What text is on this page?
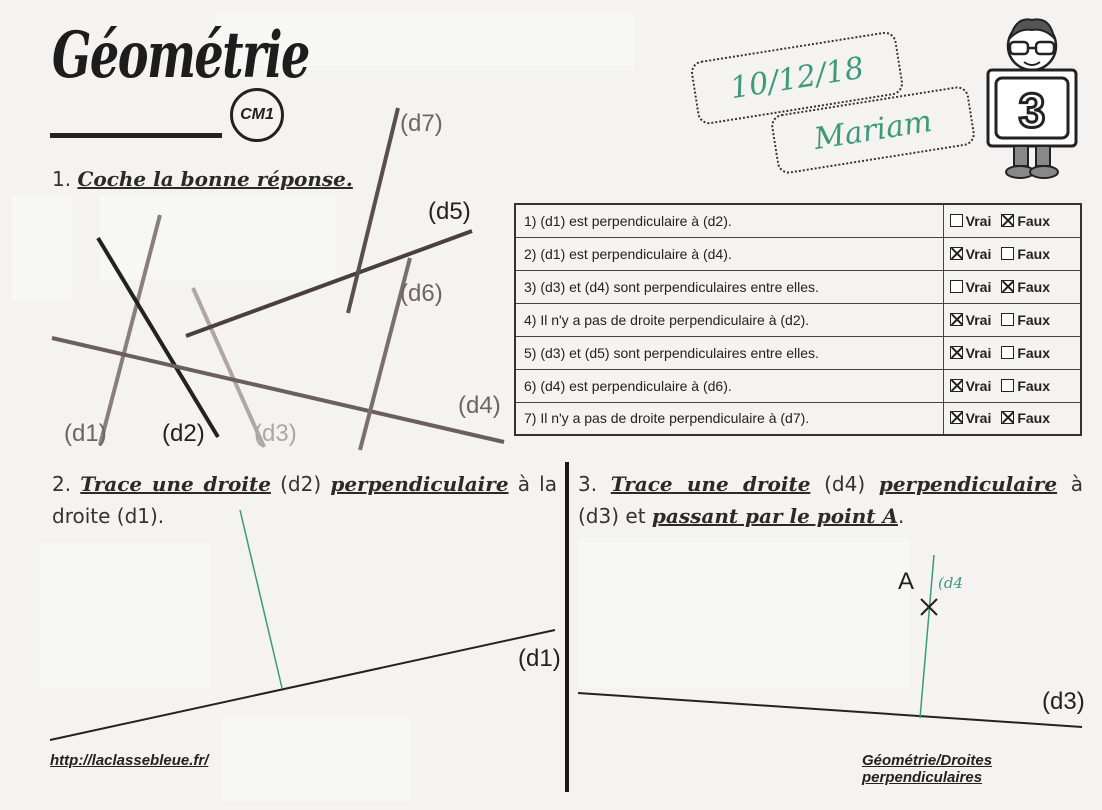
Géométrie
CM1
10/12/18
Mariam 3
1. Coche la bonne réponse.
(d1) (d2) (d3)
(d4)
(d5)
(d6)
(d7)
1) (d1) est perpendiculaire à (d2).	Vrai Faux
2) (d1) est perpendiculaire à (d4).	Vrai Faux
3) (d3) et (d4) sont perpendiculaires entre elles.	Vrai Faux
4) Il n'y a pas de droite perpendiculaire à (d2).	Vrai Faux
5) (d3) et (d5) sont perpendiculaires entre elles.	Vrai Faux
6) (d4) est perpendiculaire à (d6).	Vrai Faux
7) Il n'y a pas de droite perpendiculaire à (d7).	Vrai Faux
2. Trace une droite (d2) perpendiculaire à la droite (d1).
(d1)
3. Trace une droite (d4) perpendiculaire à (d3) et passant par le point A.
A (d4
(d3)
http://laclassebleue.fr/	Géométrie/Droites perpendiculaires
